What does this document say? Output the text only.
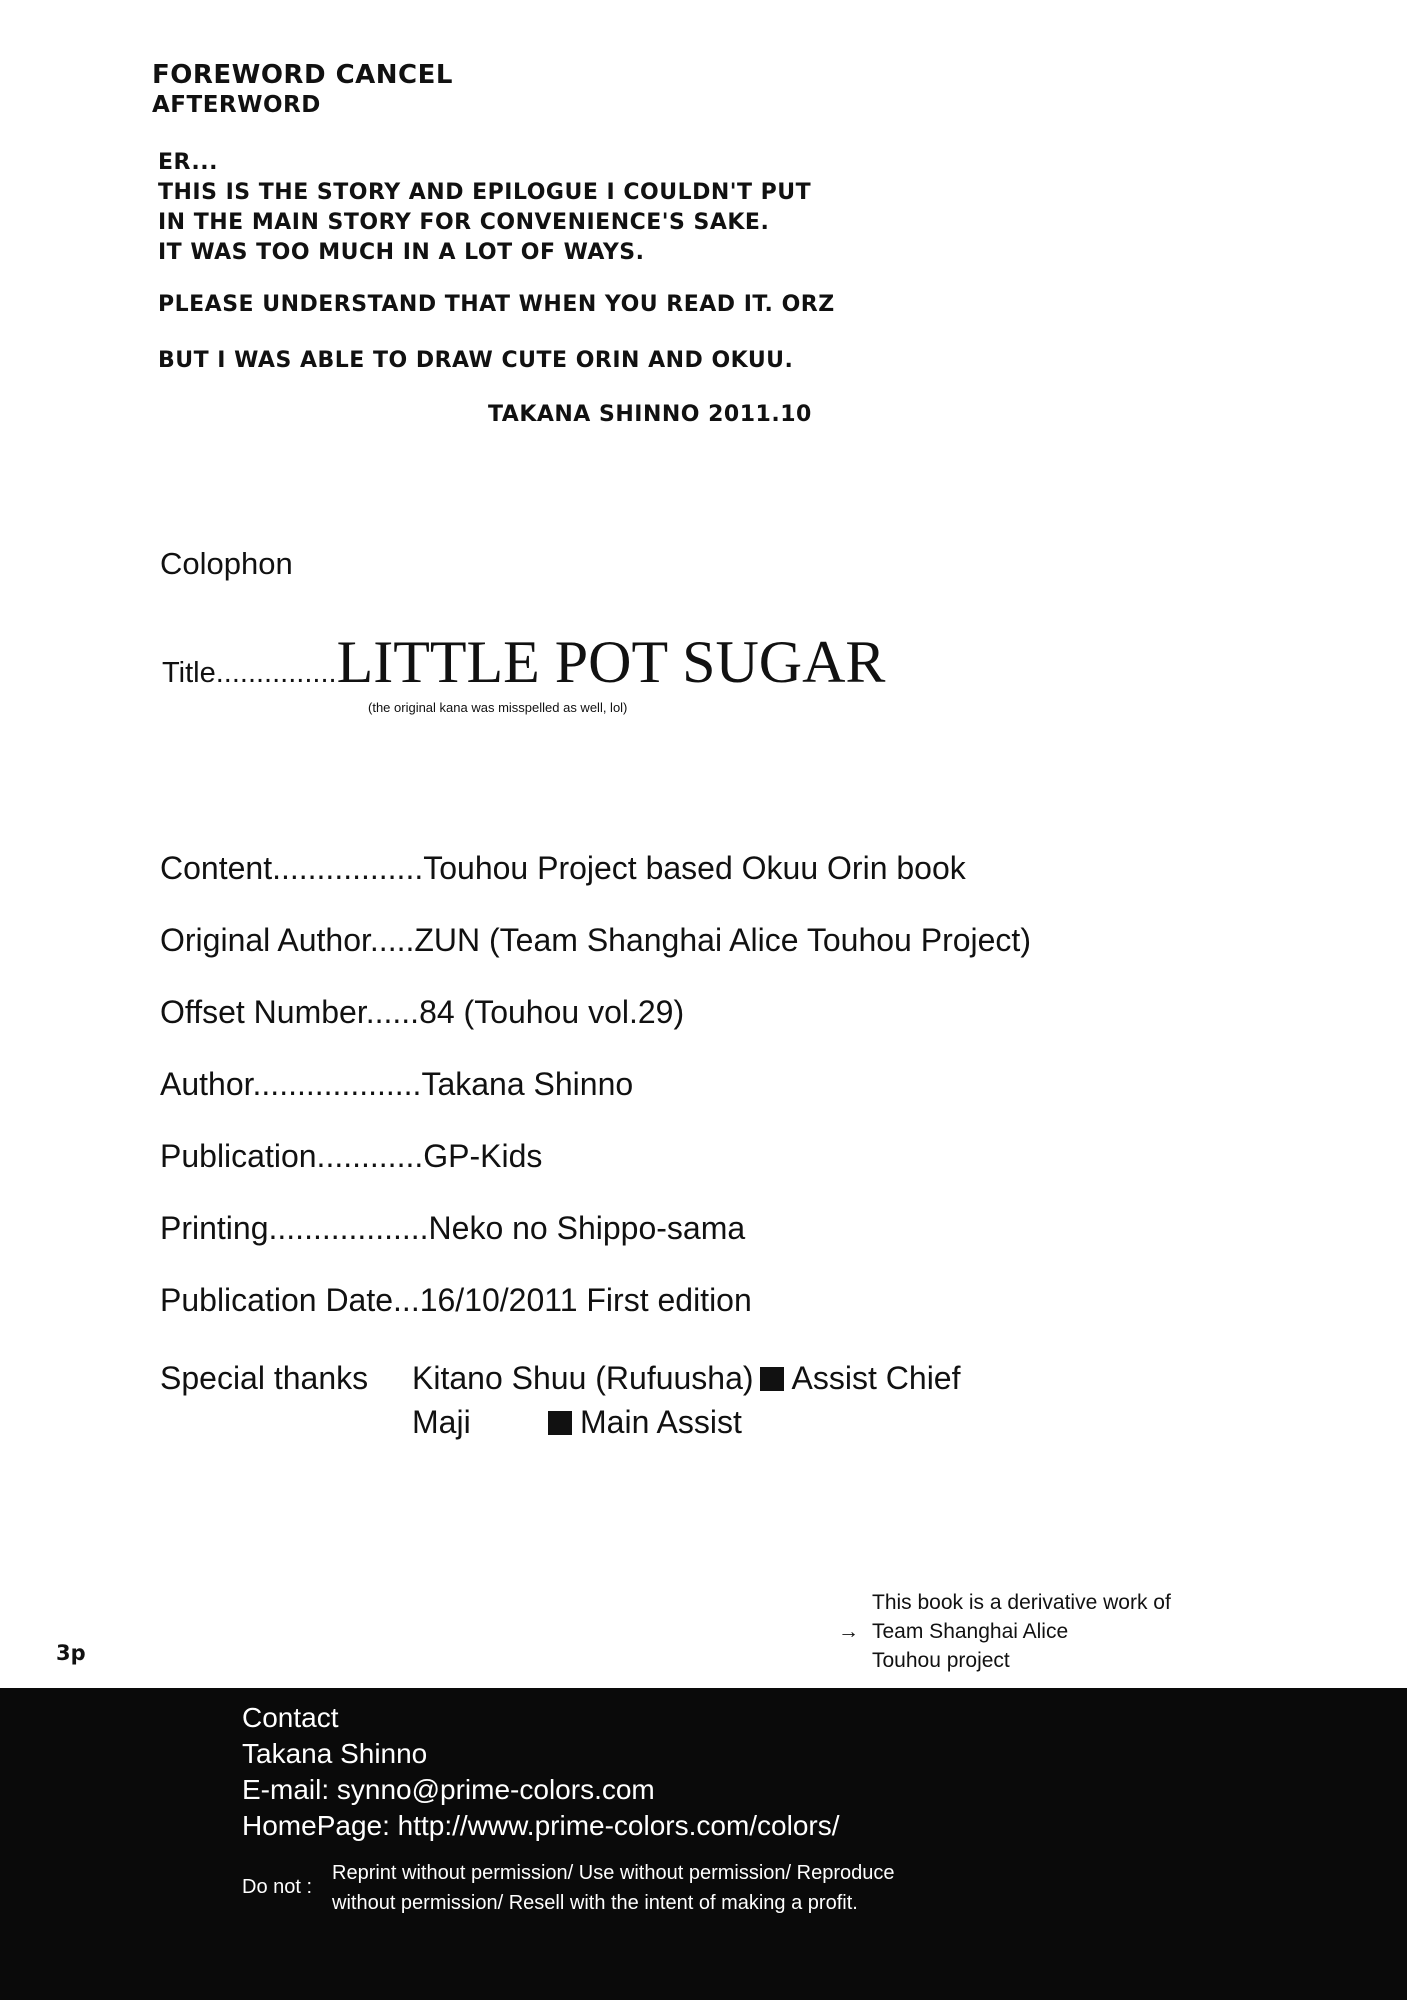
FOREWORD CANCEL
AFTERWORD
ER...
THIS IS THE STORY AND EPILOGUE I COULDN'T PUT
IN THE MAIN STORY FOR CONVENIENCE'S SAKE.
IT WAS TOO MUCH IN A LOT OF WAYS.
PLEASE UNDERSTAND THAT WHEN YOU READ IT. ORZ
BUT I WAS ABLE TO DRAW CUTE ORIN AND OKUU.
TAKANA SHINNO 2011.10
Colophon
Title...............LITTLE POT SUGAR
(the original kana was misspelled as well, lol)
Content.................Touhou Project based Okuu Orin book
Original Author.....ZUN (Team Shanghai Alice Touhou Project)
Offset Number......84 (Touhou vol.29)
Author...................Takana Shinno
Publication............GP-Kids
Printing..................Neko no Shippo-sama
Publication Date...16/10/2011 First edition
Special thanks Kitano Shuu (Rufuusha) Assist Chief
Maji	Main Assist
This book is a derivative work of
→ Team Shanghai Alice
Touhou project
3p
Contact
Takana Shinno
E-mail: synno@prime-colors.com
HomePage: http://www.prime-colors.com/colors/
Do not :
Reprint without permission/ Use without permission/ Reproduce
without permission/ Resell with the intent of making a profit.
